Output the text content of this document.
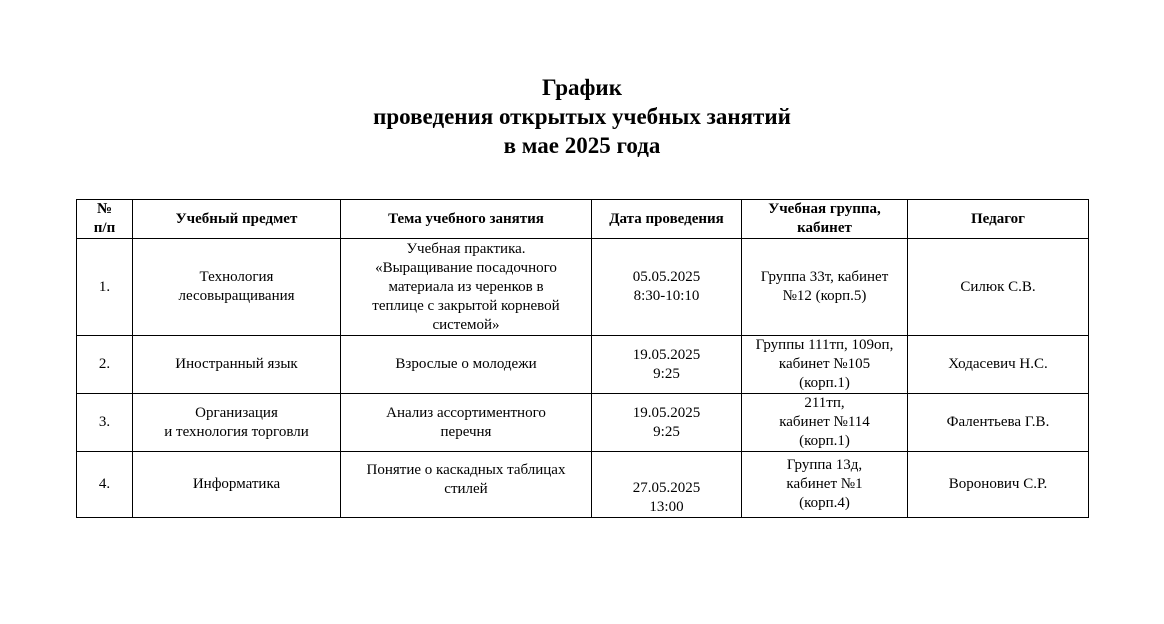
График
проведения открытых учебных занятий
в мае 2025 года
№
п/п	Учебный предмет	Тема учебного занятия	Дата проведения	Учебная группа,
кабинет	Педагог
1.	Технология
лесовыращивания	Учебная практика.
«Выращивание посадочного
материала из черенков в
теплице с закрытой корневой
системой»	05.05.2025
8:30-10:10	Группа 33т, кабинет
№12 (корп.5)	Силюк С.В.
2.	Иностранный язык	Взрослые о молодежи	19.05.2025
9:25	Группы 111тп, 109оп,
кабинет №105
(корп.1)	Ходасевич Н.С.
3.	Организация
и технология торговли	Анализ ассортиментного
перечня	19.05.2025
9:25	211тп,
кабинет №114
(корп.1)	Фалентьева Г.В.
4.	Информатика	Понятие о каскадных таблицах
стилей	27.05.2025
13:00	Группа 13д,
кабинет №1
(корп.4)	Воронович С.Р.
